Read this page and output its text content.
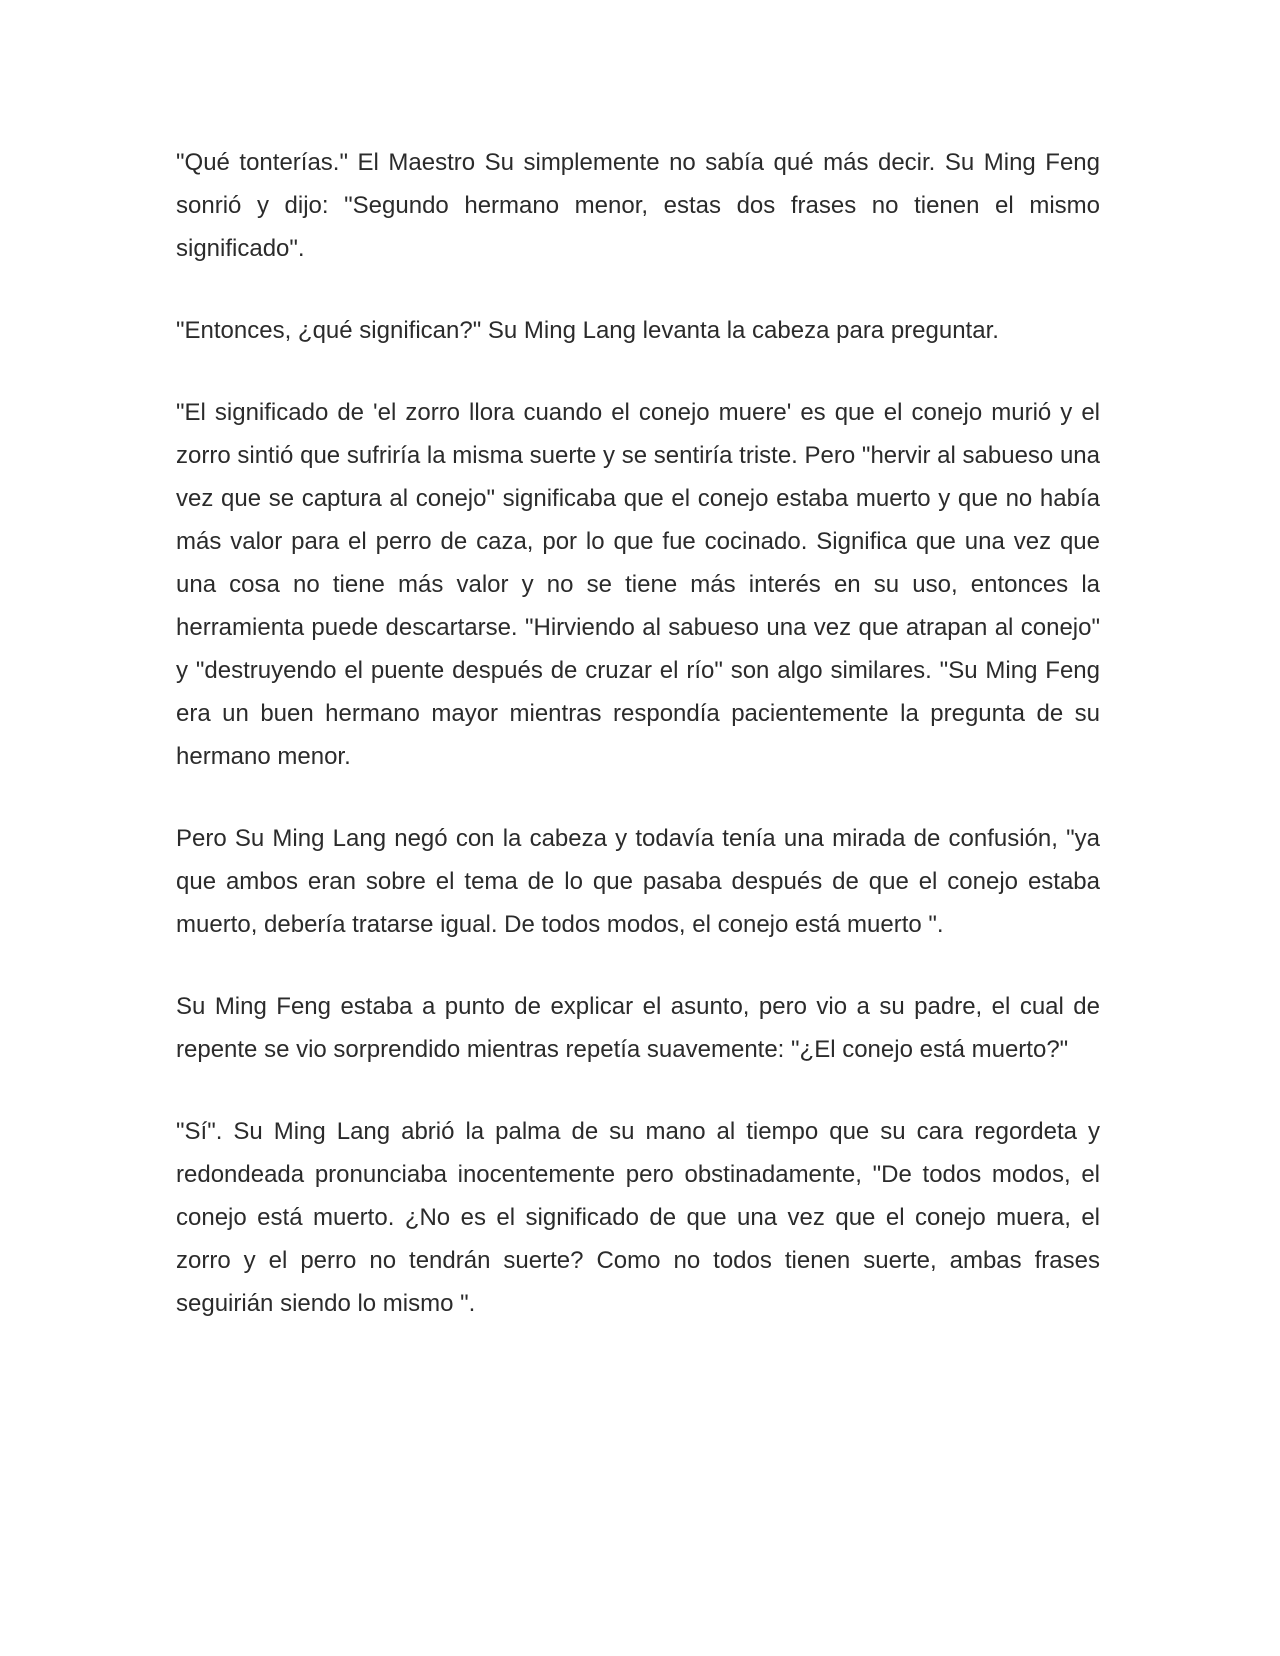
"Qué tonterías." El Maestro Su simplemente no sabía qué más decir. Su Ming Feng sonrió y dijo: "Segundo hermano menor, estas dos frases no tienen el mismo significado".

"Entonces, ¿qué significan?" Su Ming Lang levanta la cabeza para preguntar.

"El significado de 'el zorro llora cuando el conejo muere' es que el conejo murió y el zorro sintió que sufriría la misma suerte y se sentiría triste. Pero "hervir al sabueso una vez que se captura al conejo" significaba que el conejo estaba muerto y que no había más valor para el perro de caza, por lo que fue cocinado. Significa que una vez que una cosa no tiene más valor y no se tiene más interés en su uso, entonces la herramienta puede descartarse. "Hirviendo al sabueso una vez que atrapan al conejo" y "destruyendo el puente después de cruzar el río" son algo similares. "Su Ming Feng era un buen hermano mayor mientras respondía pacientemente la pregunta de su hermano menor.

Pero Su Ming Lang negó con la cabeza y todavía tenía una mirada de confusión, "ya que ambos eran sobre el tema de lo que pasaba después de que el conejo estaba muerto, debería tratarse igual. De todos modos, el conejo está muerto ".

Su Ming Feng estaba a punto de explicar el asunto, pero vio a su padre, el cual de repente se vio sorprendido mientras repetía suavemente: "¿El conejo está muerto?"

"Sí". Su Ming Lang abrió la palma de su mano al tiempo que su cara regordeta y redondeada pronunciaba inocentemente pero obstinadamente, "De todos modos, el conejo está muerto. ¿No es el significado de que una vez que el conejo muera, el zorro y el perro no tendrán suerte? Como no todos tienen suerte, ambas frases seguirián siendo lo mismo ".
